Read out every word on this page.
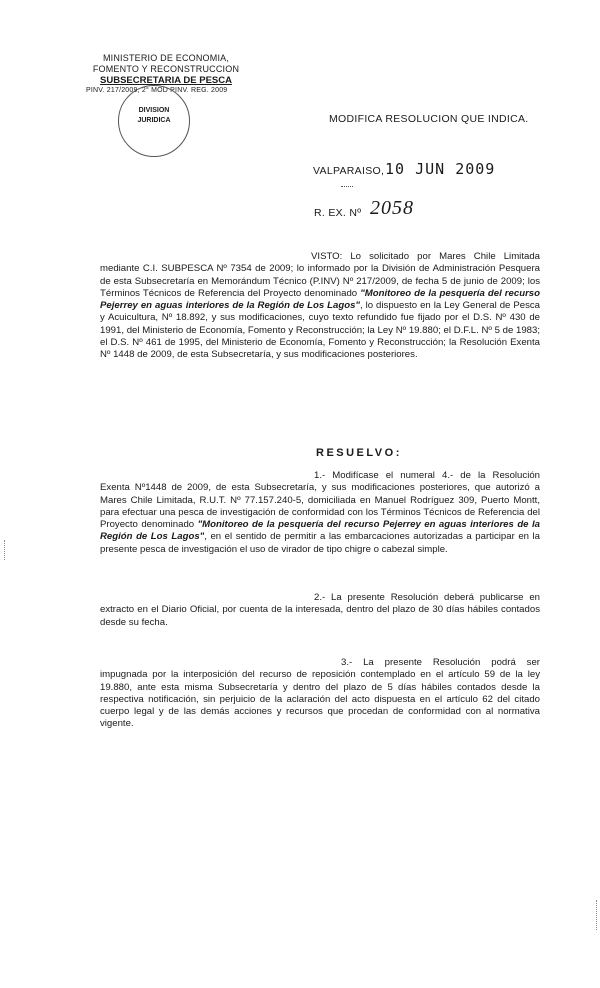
MINISTERIO DE ECONOMIA,
FOMENTO Y RECONSTRUCCION
SUBSECRETARIA DE PESCA
PINV. 217/2009, 2° MOD PINV. REG. 2009
DIVISION
JURIDICA	MODIFICA RESOLUCION QUE INDICA.
VALPARAISO, 10 JUN 2009
R. EX. Nº 2058
VISTO: Lo solicitado por Mares Chile Limitada mediante C.I. SUBPESCA Nº 7354 de 2009; lo informado por la División de Administración Pesquera de esta Subsecretaría en Memorándum Técnico (P.INV) Nº 217/2009, de fecha 5 de junio de 2009; los Términos Técnicos de Referencia del Proyecto denominado "Monitoreo de la pesquería del recurso Pejerrey en aguas interiores de la Región de Los Lagos", lo dispuesto en la Ley General de Pesca y Acuicultura, Nº 18.892, y sus modificaciones, cuyo texto refundido fue fijado por el D.S. Nº 430 de 1991, del Ministerio de Economía, Fomento y Reconstrucción; la Ley Nº 19.880; el D.F.L. Nº 5 de 1983; el D.S. Nº 461 de 1995, del Ministerio de Economía, Fomento y Reconstrucción; la Resolución Exenta Nº 1448 de 2009, de esta Subsecretaría, y sus modificaciones posteriores.
RESUELVO:
1.- Modifícase el numeral 4.- de la Resolución Exenta Nº1448 de 2009, de esta Subsecretaría, y sus modificaciones posteriores, que autorizó a Mares Chile Limitada, R.U.T. Nº 77.157.240-5, domiciliada en Manuel Rodríguez 309, Puerto Montt, para efectuar una pesca de investigación de conformidad con los Términos Técnicos de Referencia del Proyecto denominado "Monitoreo de la pesquería del recurso Pejerrey en aguas interiores de la Región de Los Lagos", en el sentido de permitir a las embarcaciones autorizadas a participar en la presente pesca de investigación el uso de virador de tipo chigre o cabezal simple.
2.- La presente Resolución deberá publicarse en extracto en el Diario Oficial, por cuenta de la interesada, dentro del plazo de 30 días hábiles contados desde su fecha.
3.- La presente Resolución podrá ser impugnada por la interposición del recurso de reposición contemplado en el artículo 59 de la ley 19.880, ante esta misma Subsecretaría y dentro del plazo de 5 días hábiles contados desde la respectiva notificación, sin perjuicio de la aclaración del acto dispuesta en el artículo 62 del citado cuerpo legal y de las demás acciones y recursos que procedan de conformidad con al normativa vigente.
